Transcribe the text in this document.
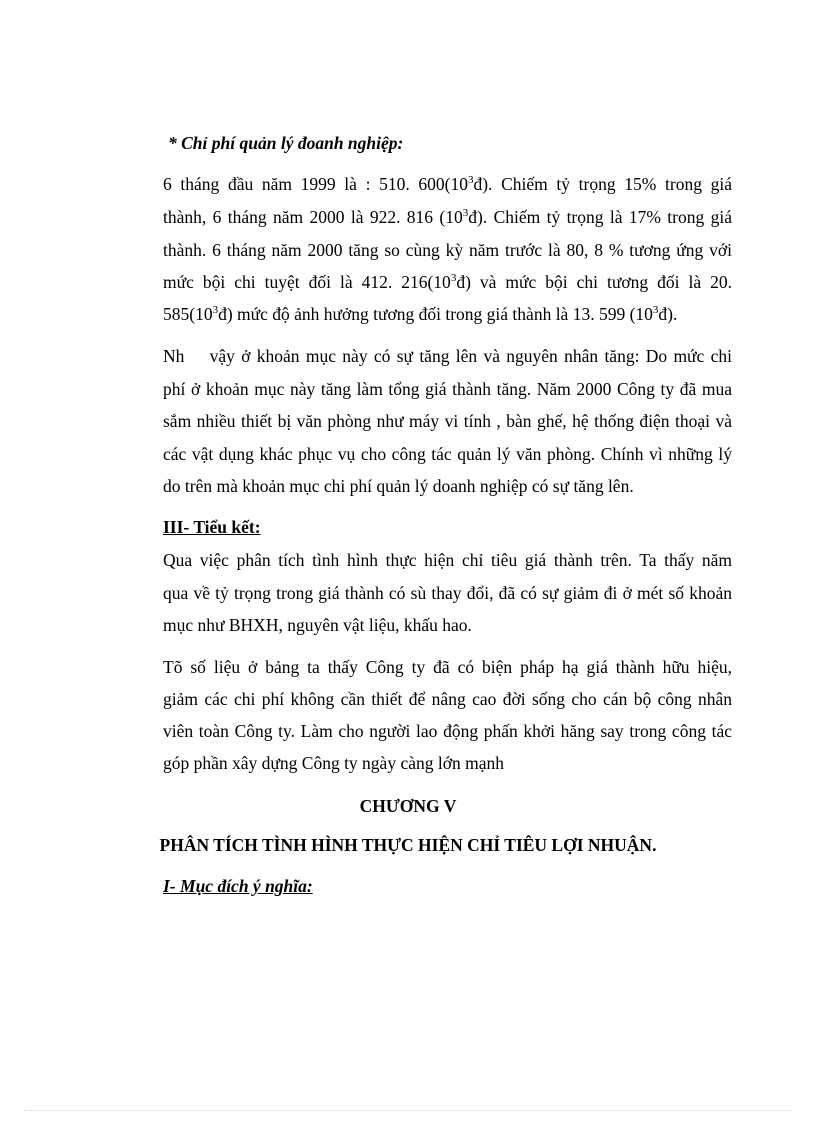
* Chỉ phí quản lý đoanh nghiệp:

6 tháng đầu năm 1999 là : 510. $600(10^3đ)$. Chiếm tỷ trọng 15% trong giá

thành, 6 tháng năm 2000 là 922. 816 $(10^3đ)$. Chiếm tỷ trọng là 17% trong giá

thành. 6 tháng năm 2000 tăng so cùng kỳ năm trước là 80, 8 % tương ứng với

mức bội chi tuyệt đối là 412. $216(10^3đ)$ và mức bội chi tương đối là 20.

$585(10^3đ)$ mức độ ảnh hưởng tương đối trong giá thành là 13. 599 $(10^3đ)$.

Nh vậy ở khoản mục này có sự tăng lên và nguyên nhân tăng: Do mức chi

phí ở khoản mục này tăng làm tổng giá thành tăng. Năm 2000 Công ty đã mua

sắm nhiều thiết bị văn phòng như máy vi tính , bàn ghế, hệ thống điện thoại và

các vật dụng khác phục vụ cho công tác quản lý văn phòng. Chính vì những lý

do trên mà khoản mục chi phí quản lý doanh nghiệp có sự tăng lên.

III- Tiểu kết:

Qua việc phân tích tình hình thực hiện chỉ tiêu giá thành trên. Ta thấy năm

qua về tỷ trọng trong giá thành có sù thay đổi, đã có sự giảm đi ở mét số khoản

mục như BHXH, nguyên vật liệu, khấu hao.

Tõ số liệu ở bảng ta thấy Công ty đã có biện pháp hạ giá thành hữu hiệu,

giảm các chi phí không cần thiết để nâng cao đời sống cho cán bộ công nhân

viên toàn Công ty. Làm cho người lao động phấn khởi hăng say trong công tác

góp phần xây dựng Công ty ngày càng lớn mạnh

CHƯƠNG V

PHÂN TÍCH TÌNH HÌNH THỰC HIỆN CHỈ TIÊU LỢI NHUẬN.

I- Mục đích ý nghĩa:
